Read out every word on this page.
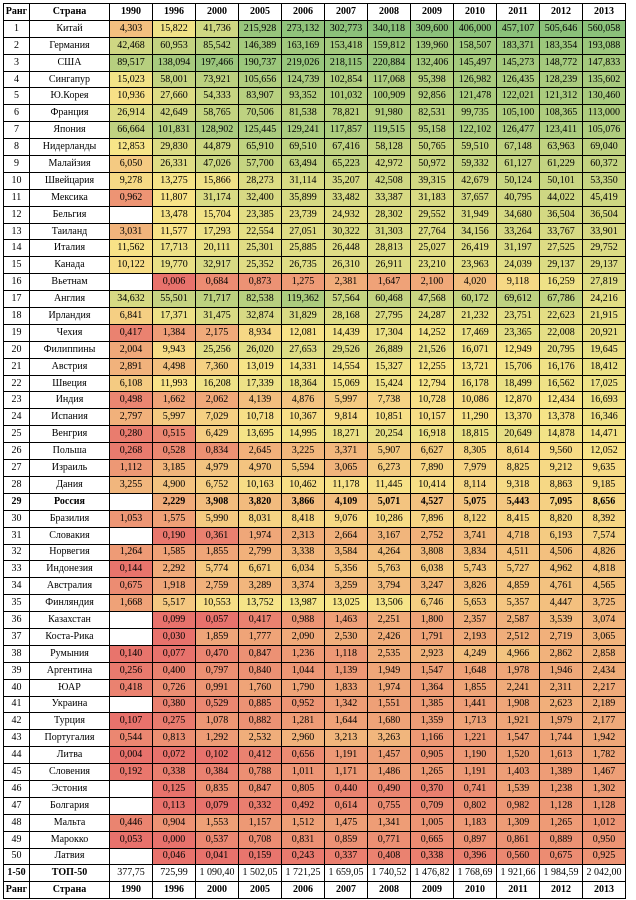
Ранг	Страна	1990	1996	2000	2005	2006	2007	2008	2009	2010	2011	2012	2013
1	Китай	4,303	15,822	41,736	215,928	273,132	302,773	340,118	309,600	406,000	457,107	505,646	560,058
2	Германия	42,468	60,953	85,542	146,389	163,169	153,418	159,812	139,960	158,507	183,371	183,354	193,088
3	США	89,517	138,094	197,466	190,737	219,026	218,115	220,884	132,406	145,497	145,273	148,772	147,833
4	Сингапур	15,023	58,001	73,921	105,656	124,739	102,854	117,068	95,398	126,982	126,435	128,239	135,602
5	Ю.Корея	10,936	27,660	54,333	83,907	93,352	101,032	100,909	92,856	121,478	122,021	121,312	130,460
6	Франция	26,914	42,649	58,765	70,506	81,538	78,821	91,980	82,531	99,735	105,100	108,365	113,000
7	Япония	66,664	101,831	128,902	125,445	129,241	117,857	119,515	95,158	122,102	126,477	123,411	105,076
8	Нидерланды	12,853	29,830	44,879	65,910	69,510	67,416	58,128	50,765	59,510	67,148	63,963	69,040
9	Малайзия	6,050	26,331	47,026	57,700	63,494	65,223	42,972	50,972	59,332	61,127	61,229	60,372
10	Швейцария	9,278	13,275	15,866	28,273	31,114	35,207	42,508	39,315	42,679	50,124	50,101	53,350
11	Мексика	0,962	11,807	31,174	32,400	35,899	33,482	33,387	31,183	37,657	40,795	44,022	45,419
12	Бельгия		13,478	15,704	23,385	23,739	24,932	28,302	29,552	31,949	34,680	36,504	36,504
13	Таиланд	3,031	11,577	17,293	22,554	27,051	30,322	31,303	27,764	34,156	33,264	33,767	33,901
14	Италия	11,562	17,713	20,111	25,301	25,885	26,448	28,813	25,027	26,419	31,197	27,525	29,752
15	Канада	10,122	19,770	32,917	25,352	26,735	26,310	26,911	23,210	23,963	24,039	29,137	29,137
16	Вьетнам		0,006	0,684	0,873	1,275	2,381	1,647	2,100	4,020	9,118	16,259	27,819
17	Англия	34,632	55,501	71,717	82,538	119,362	57,564	60,468	47,568	60,172	69,612	67,786	24,216
18	Ирландия	6,841	17,371	31,475	32,874	31,829	28,168	27,795	24,287	21,232	23,751	22,623	21,915
19	Чехия	0,417	1,384	2,175	8,934	12,081	14,439	17,304	14,252	17,469	23,365	22,008	20,921
20	Филиппины	2,004	9,943	25,256	26,020	27,653	29,526	26,889	21,526	16,071	12,949	20,795	19,645
21	Австрия	2,891	4,498	7,360	13,019	14,331	14,554	15,327	12,255	13,721	15,706	16,176	18,412
22	Швеция	6,108	11,993	16,208	17,339	18,364	15,069	15,424	12,794	16,178	18,499	16,562	17,025
23	Индия	0,498	1,662	2,062	4,139	4,876	5,997	7,738	10,728	10,086	12,870	12,434	16,693
24	Испания	2,797	5,997	7,029	10,718	10,367	9,814	10,851	10,157	11,290	13,370	13,378	16,346
25	Венгрия	0,280	0,515	6,429	13,695	14,995	18,271	20,254	16,918	18,815	20,649	14,878	14,471
26	Польша	0,268	0,528	0,834	2,645	3,225	3,371	5,907	6,627	8,305	8,614	9,560	12,052
27	Израиль	1,112	3,185	4,979	4,970	5,594	3,065	6,273	7,890	7,979	8,825	9,212	9,635
28	Дания	3,255	4,900	6,752	10,163	10,462	11,178	11,445	10,414	8,114	9,318	8,863	9,185
29	Россия		2,229	3,908	3,820	3,866	4,109	5,071	4,527	5,075	5,443	7,095	8,656
30	Бразилия	1,053	1,575	5,990	8,031	8,418	9,076	10,286	7,896	8,122	8,415	8,820	8,392
31	Словакия		0,190	0,361	1,974	2,313	2,664	3,167	2,752	3,741	4,718	6,193	7,574
32	Норвегия	1,264	1,585	1,855	2,799	3,338	3,584	4,264	3,808	3,834	4,511	4,506	4,826
33	Индонезия	0,144	2,292	5,774	6,671	6,034	5,356	5,763	6,038	5,743	5,727	4,962	4,818
34	Австралия	0,675	1,918	2,759	3,289	3,374	3,259	3,794	3,247	3,826	4,859	4,761	4,565
35	Финляндия	1,668	5,517	10,553	13,752	13,987	13,025	13,506	6,746	5,653	5,357	4,447	3,725
36	Казахстан		0,099	0,057	0,417	0,988	1,463	2,251	1,800	2,357	2,587	3,539	3,074
37	Коста-Рика		0,030	1,859	1,777	2,090	2,530	2,426	1,791	2,193	2,512	2,719	3,065
38	Румыния	0,140	0,077	0,470	0,847	1,236	1,118	2,535	2,923	4,249	4,966	2,862	2,858
39	Аргентина	0,256	0,400	0,797	0,840	1,044	1,139	1,949	1,547	1,648	1,978	1,946	2,434
40	ЮАР	0,418	0,726	0,991	1,760	1,790	1,833	1,974	1,364	1,855	2,241	2,311	2,217
41	Украина		0,380	0,529	0,885	0,952	1,342	1,551	1,385	1,441	1,908	2,623	2,189
42	Турция	0,107	0,275	1,078	0,882	1,281	1,644	1,680	1,359	1,713	1,921	1,979	2,177
43	Португалия	0,544	0,813	1,292	2,532	2,960	3,213	3,263	1,166	1,221	1,547	1,744	1,942
44	Литва	0,004	0,072	0,102	0,412	0,656	1,191	1,457	0,905	1,190	1,520	1,613	1,782
45	Словения	0,192	0,338	0,384	0,788	1,011	1,171	1,486	1,265	1,191	1,403	1,389	1,467
46	Эстония		0,125	0,835	0,847	0,805	0,440	0,490	0,370	0,741	1,539	1,238	1,302
47	Болгария		0,113	0,079	0,332	0,492	0,614	0,755	0,709	0,802	0,982	1,128	1,128
48	Мальта	0,446	0,904	1,553	1,157	1,512	1,475	1,341	1,005	1,183	1,309	1,265	1,012
49	Марокко	0,053	0,000	0,537	0,708	0,831	0,859	0,771	0,665	0,897	0,861	0,889	0,950
50	Латвия		0,046	0,041	0,159	0,243	0,337	0,408	0,338	0,396	0,560	0,675	0,925
1-50	ТОП-50	377,75	725,99	1 090,40	1 502,05	1 721,25	1 659,05	1 740,52	1 476,82	1 768,69	1 921,66	1 984,59	2 042,00
Ранг	Страна	1990	1996	2000	2005	2006	2007	2008	2009	2010	2011	2012	2013
